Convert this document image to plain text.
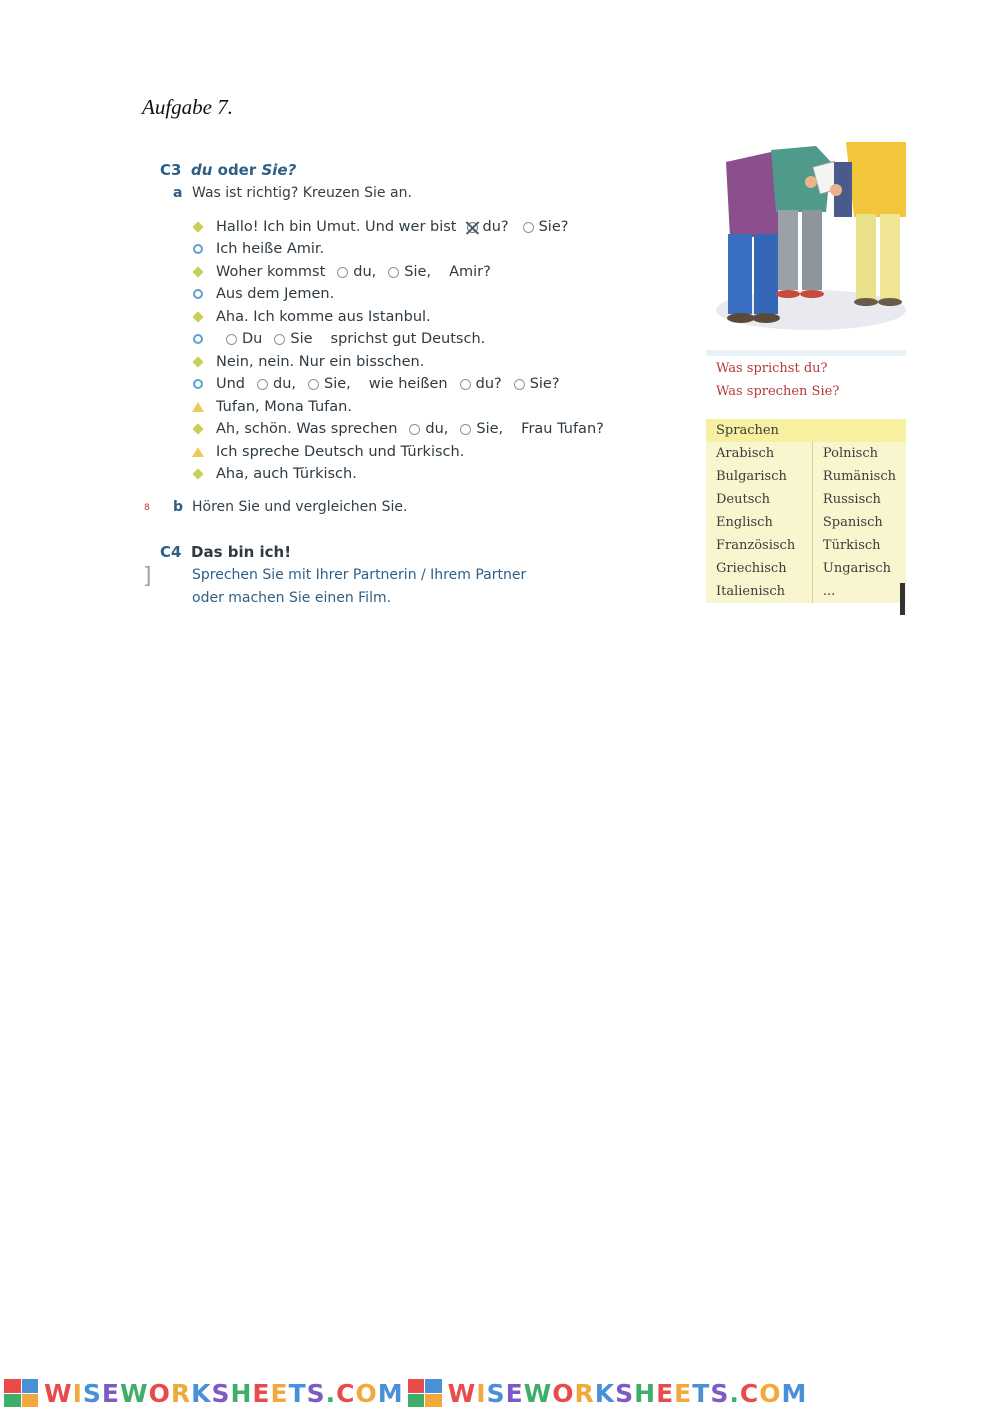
Aufgabe 7.
C3 du oder Sie?
a Was ist richtig? Kreuzen Sie an.
Hallo! Ich bin Umut. Und wer bist du? Sie?
Ich heiße Amir.
Woher kommst du, Sie, Amir?
Aus dem Jemen.
Aha. Ich komme aus Istanbul.
Du Sie sprichst gut Deutsch.
Nein, nein. Nur ein bisschen.
Und du, Sie, wie heißen du? Sie?
Tufan, Mona Tufan.
Ah, schön. Was sprechen du, Sie, Frau Tufan?
Ich spreche Deutsch und Türkisch.
Aha, auch Türkisch.
8 b Hören Sie und vergleichen Sie.
]
C4 Das bin ich!
Sprechen Sie mit Ihrer Partnerin / Ihrem Partner
oder machen Sie einen Film.
Was sprichst du?
Was sprechen Sie?
Sprachen	
Arabisch	Polnisch
Bulgarisch	Rumänisch
Deutsch	Russisch
Englisch	Spanisch
Französisch	Türkisch
Griechisch	Ungarisch
Italienisch	...
WISEWORKSHEETS.COM WISEWORKSHEETS.COM
